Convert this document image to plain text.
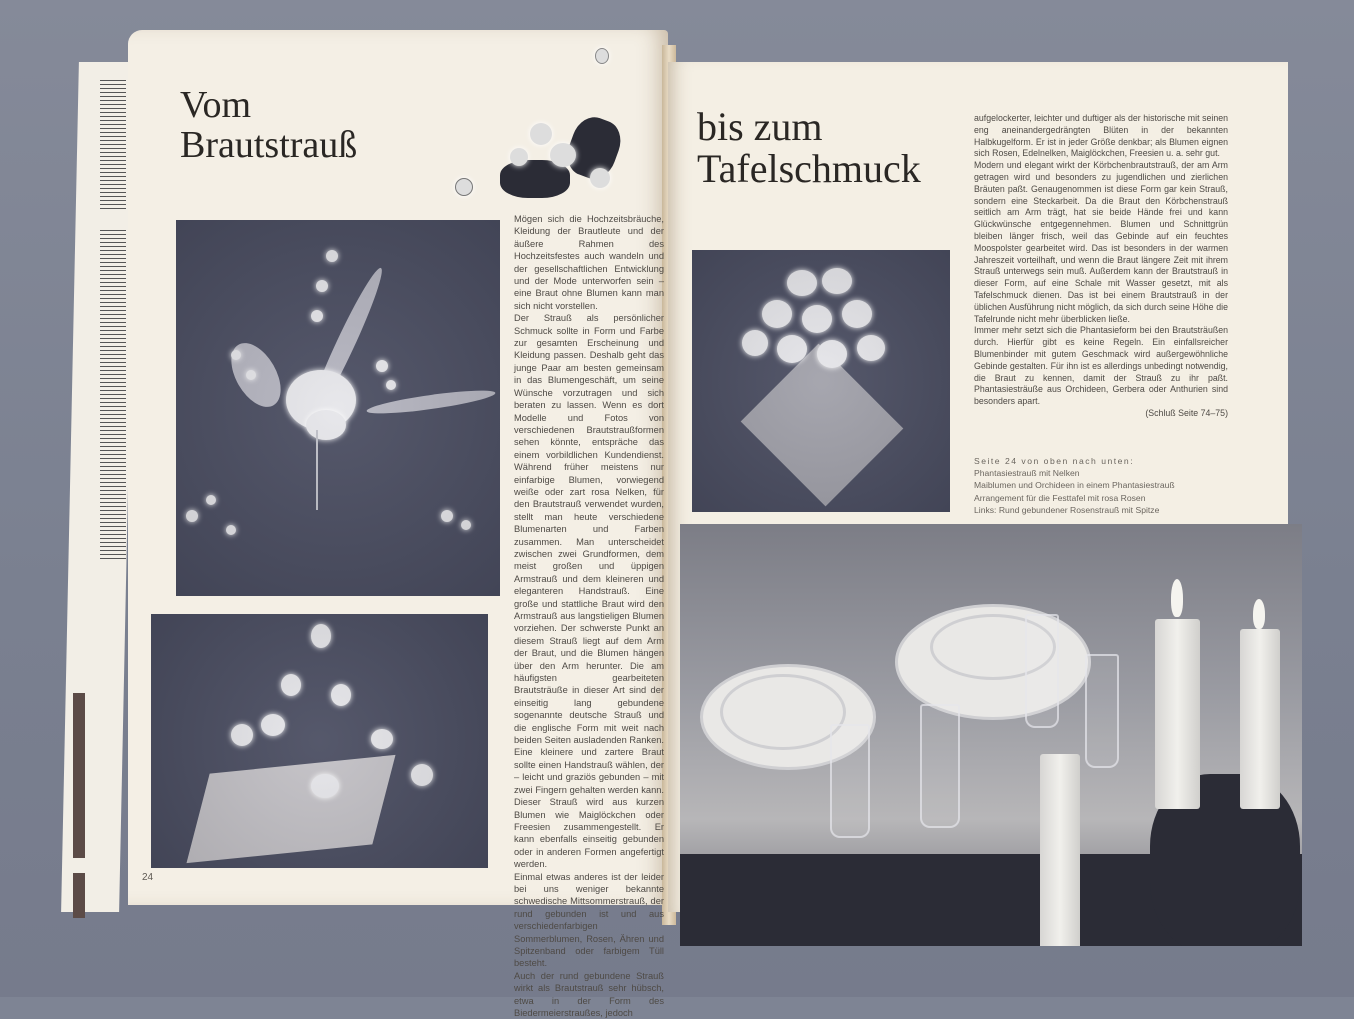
Vom
Brautstrauß

Mögen sich die Hochzeitsbräuche, Kleidung der Brautleute und der äußere Rahmen des Hochzeitsfestes auch wandeln und der gesellschaftlichen Entwicklung und der Mode unterworfen sein – eine Braut ohne Blumen kann man sich nicht vorstellen.

Der Strauß als persönlicher Schmuck sollte in Form und Farbe zur gesamten Erscheinung und Kleidung passen. Deshalb geht das junge Paar am besten gemeinsam in das Blumengeschäft, um seine Wünsche vorzutragen und sich beraten zu lassen. Wenn es dort Modelle und Fotos von verschiedenen Brautstraußformen sehen könnte, entspräche das einem vorbildlichen Kundendienst. Während früher meistens nur einfarbige Blumen, vorwiegend weiße oder zart rosa Nelken, für den Brautstrauß verwendet wurden, stellt man heute verschiedene Blumenarten und Farben zusammen. Man unterscheidet zwischen zwei Grundformen, dem meist großen und üppigen Armstrauß und dem kleineren und eleganteren Handstrauß. Eine große und stattliche Braut wird den Armstrauß aus langstieligen Blumen vorziehen. Der schwerste Punkt an diesem Strauß liegt auf dem Arm der Braut, und die Blumen hängen über den Arm herunter. Die am häufigsten gearbeiteten Brautsträuße in dieser Art sind der einseitig lang gebundene sogenannte deutsche Strauß und die englische Form mit weit nach beiden Seiten ausladenden Ranken. Eine kleinere und zartere Braut sollte einen Handstrauß wählen, der – leicht und graziös gebunden – mit zwei Fingern gehalten werden kann. Dieser Strauß wird aus kurzen Blumen wie Maiglöckchen oder Freesien zusammengestellt. Er kann ebenfalls einseitig gebunden oder in anderen Formen angefertigt werden.

Einmal etwas anderes ist der leider bei uns weniger bekannte schwedische Mittsommerstrauß, der rund gebunden ist und aus verschiedenfarbigen Sommerblumen, Rosen, Ähren und Spitzenband oder farbigem Tüll besteht.

Auch der rund gebundene Strauß wirkt als Brautstrauß sehr hübsch, etwa in der Form des Biedermeierstraußes, jedoch

24
bis zum
Tafelschmuck

aufgelockerter, leichter und duftiger als der historische mit seinen eng aneinandergedrängten Blüten in der bekannten Halbkugelform. Er ist in jeder Größe denkbar; als Blumen eignen sich Rosen, Edelnelken, Maiglöckchen, Freesien u. a. sehr gut.

Modern und elegant wirkt der Körbchenbrautstrauß, der am Arm getragen wird und besonders zu jugendlichen und zierlichen Bräuten paßt. Genaugenommen ist diese Form gar kein Strauß, sondern eine Steckarbeit. Da die Braut den Körbchenstrauß seitlich am Arm trägt, hat sie beide Hände frei und kann Glückwünsche entgegennehmen. Blumen und Schnittgrün bleiben länger frisch, weil das Gebinde auf ein feuchtes Moospolster gearbeitet wird. Das ist besonders in der warmen Jahreszeit vorteilhaft, und wenn die Braut längere Zeit mit ihrem Strauß unterwegs sein muß. Außerdem kann der Brautstrauß in dieser Form, auf eine Schale mit Wasser gesetzt, mit als Tafelschmuck dienen. Das ist bei einem Brautstrauß in der üblichen Ausführung nicht möglich, da sich durch seine Höhe die Tafelrunde nicht mehr überblicken ließe.

Immer mehr setzt sich die Phantasieform bei den Brautsträußen durch. Hierfür gibt es keine Regeln. Ein einfallsreicher Blumenbinder mit gutem Geschmack wird außergewöhnliche Gebinde gestalten. Für ihn ist es allerdings unbedingt notwendig, die Braut zu kennen, damit der Strauß zu ihr paßt. Phantasiesträuße aus Orchideen, Gerbera oder Anthurien sind besonders apart.

(Schluß Seite 74–75)

Seite 24 von oben nach unten:
Phantasiestrauß mit Nelken
Maiblumen und Orchideen in einem Phantasiestrauß
Arrangement für die Festtafel mit rosa Rosen
Links: Rund gebundener Rosenstrauß mit Spitze
